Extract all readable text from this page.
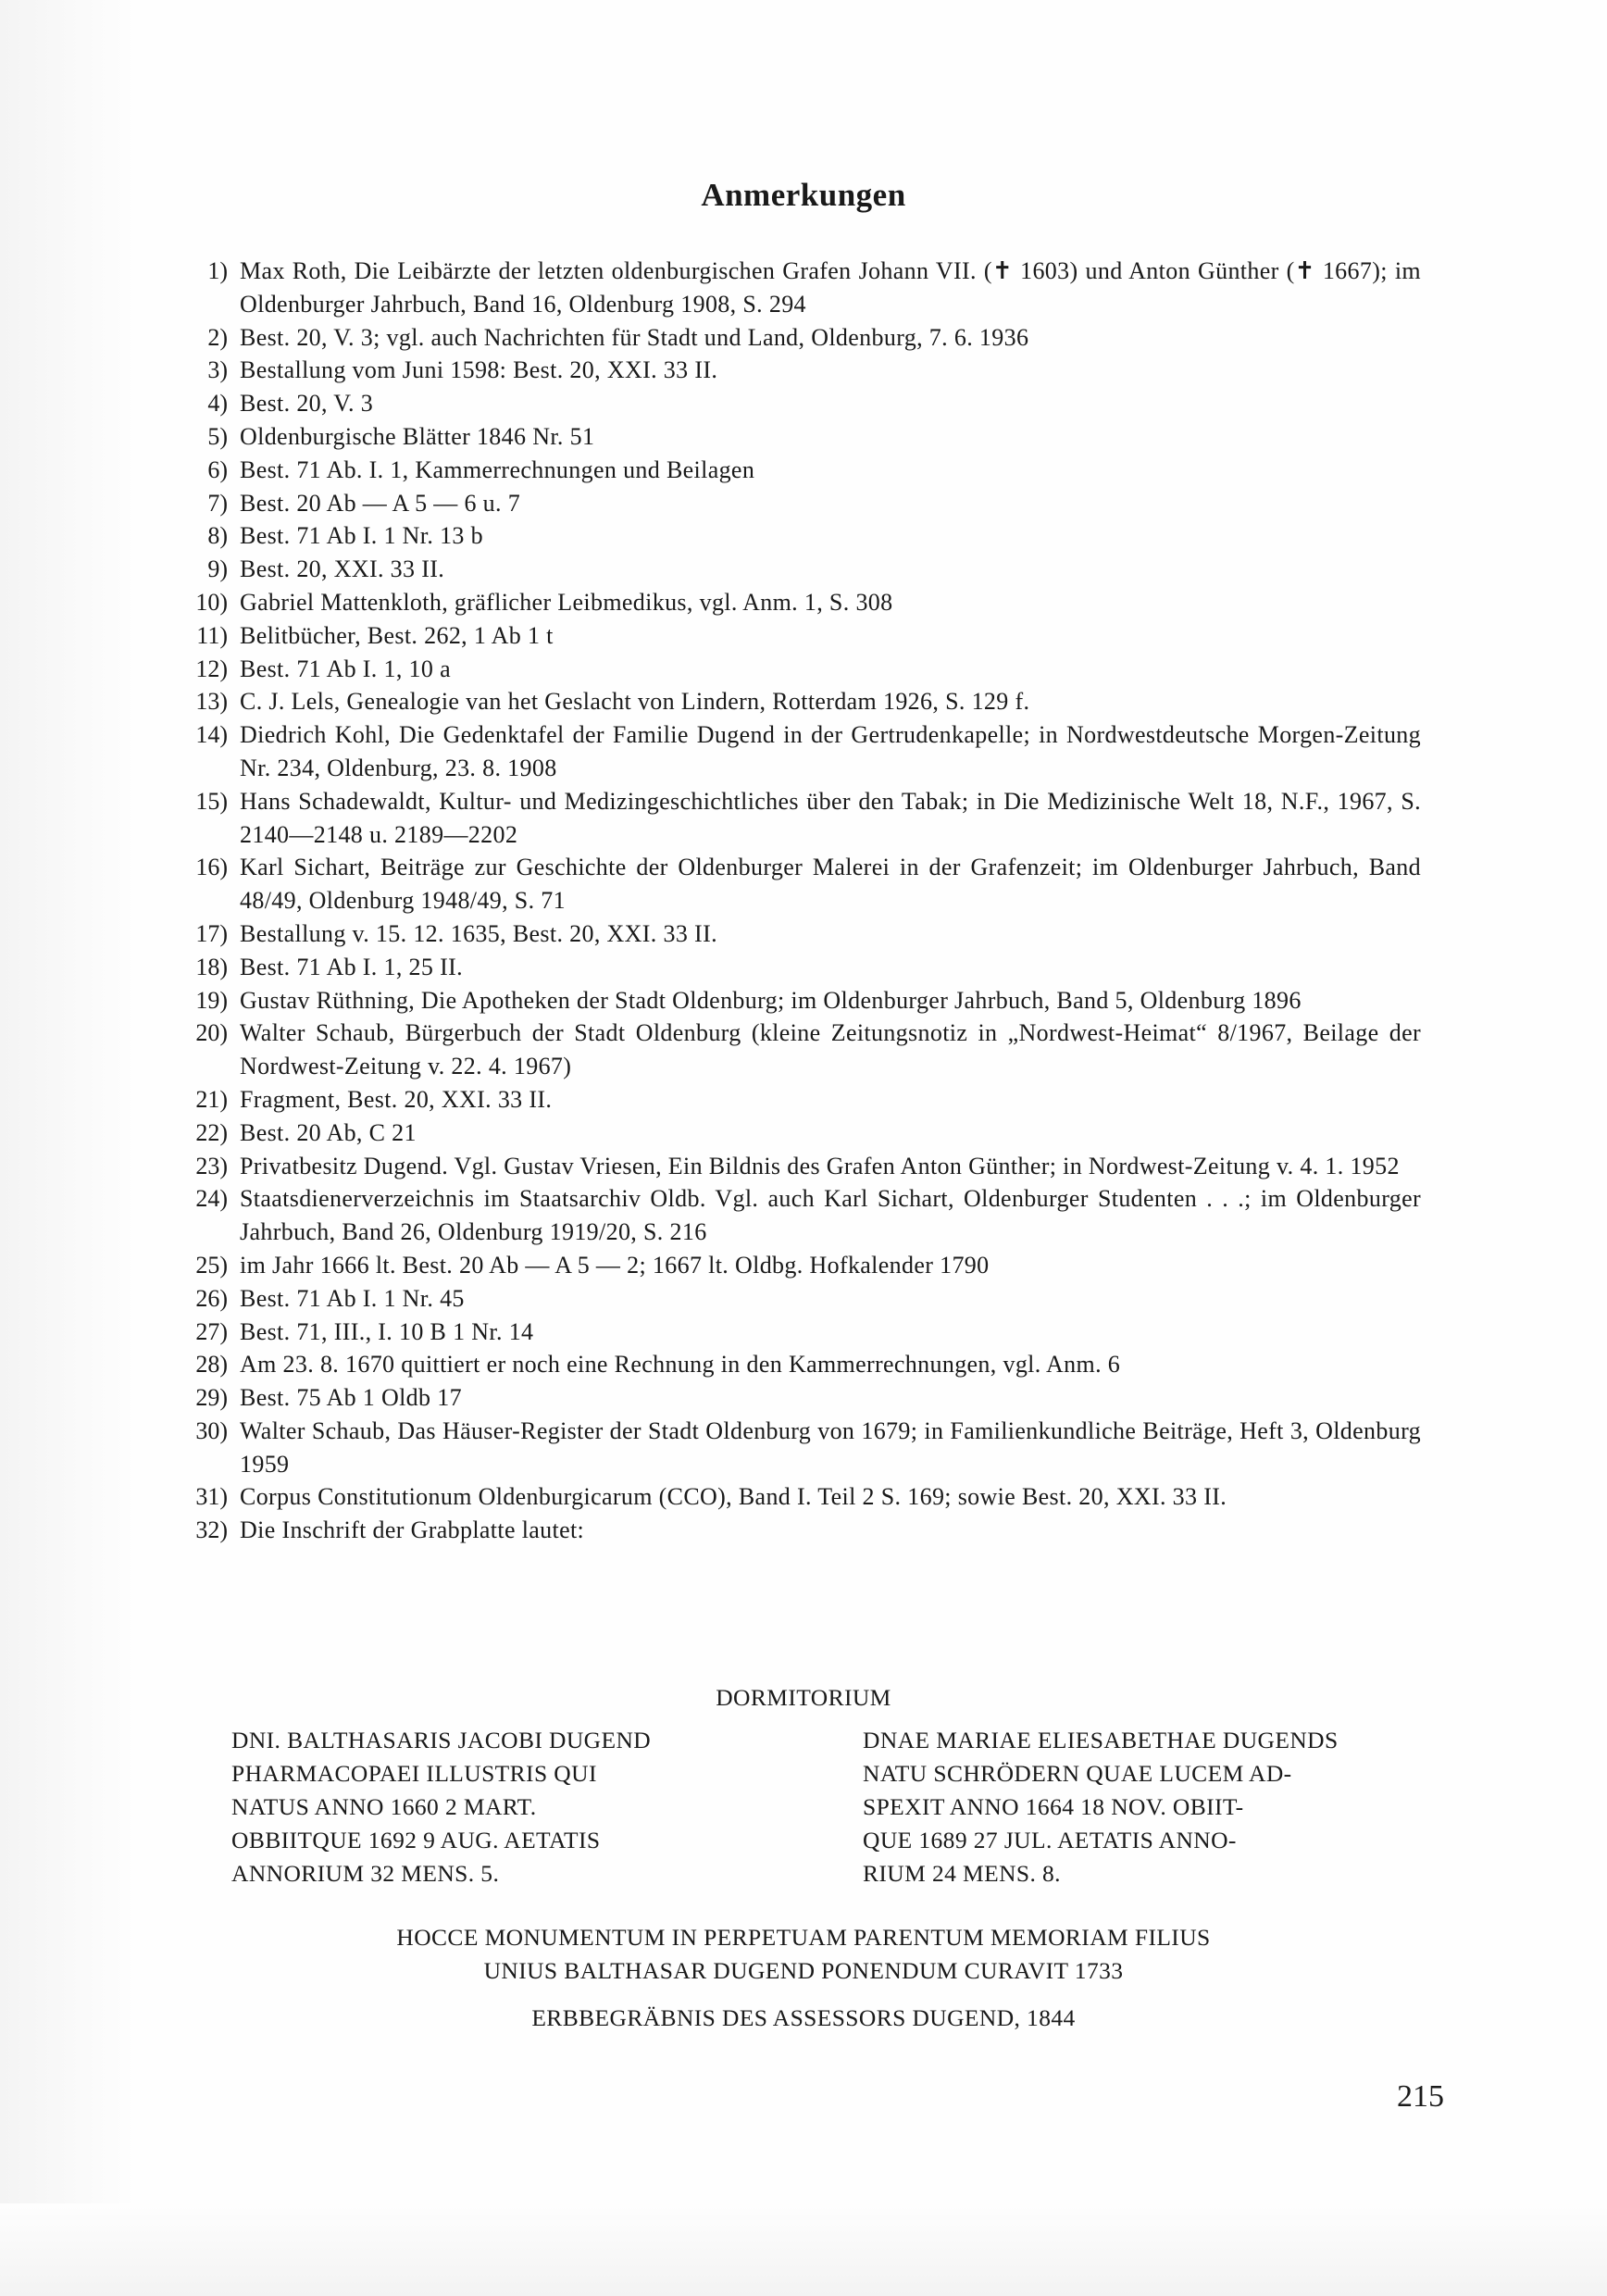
Anmerkungen
1) Max Roth, Die Leibärzte der letzten oldenburgischen Grafen Johann VII. (✝ 1603) und Anton Günther (✝ 1667); im Oldenburger Jahrbuch, Band 16, Oldenburg 1908, S. 294
2) Best. 20, V. 3; vgl. auch Nachrichten für Stadt und Land, Oldenburg, 7. 6. 1936
3) Bestallung vom Juni 1598: Best. 20, XXI. 33 II.
4) Best. 20, V. 3
5) Oldenburgische Blätter 1846 Nr. 51
6) Best. 71 Ab. I. 1, Kammerrechnungen und Beilagen
7) Best. 20 Ab — A 5 — 6 u. 7
8) Best. 71 Ab I. 1 Nr. 13 b
9) Best. 20, XXI. 33 II.
10) Gabriel Mattenkloth, gräflicher Leibmedikus, vgl. Anm. 1, S. 308
11) Belitbücher, Best. 262, 1 Ab 1 t
12) Best. 71 Ab I. 1, 10 a
13) C. J. Lels, Genealogie van het Geslacht von Lindern, Rotterdam 1926, S. 129 f.
14) Diedrich Kohl, Die Gedenktafel der Familie Dugend in der Gertrudenkapelle; in Nordwestdeutsche Morgen-Zeitung Nr. 234, Oldenburg, 23. 8. 1908
15) Hans Schadewaldt, Kultur- und Medizingeschichtliches über den Tabak; in Die Medizinische Welt 18, N.F., 1967, S. 2140—2148 u. 2189—2202
16) Karl Sichart, Beiträge zur Geschichte der Oldenburger Malerei in der Grafenzeit; im Oldenburger Jahrbuch, Band 48/49, Oldenburg 1948/49, S. 71
17) Bestallung v. 15. 12. 1635, Best. 20, XXI. 33 II.
18) Best. 71 Ab I. 1, 25 II.
19) Gustav Rüthning, Die Apotheken der Stadt Oldenburg; im Oldenburger Jahrbuch, Band 5, Oldenburg 1896
20) Walter Schaub, Bürgerbuch der Stadt Oldenburg (kleine Zeitungsnotiz in „Nordwest-Heimat“ 8/1967, Beilage der Nordwest-Zeitung v. 22. 4. 1967)
21) Fragment, Best. 20, XXI. 33 II.
22) Best. 20 Ab, C 21
23) Privatbesitz Dugend. Vgl. Gustav Vriesen, Ein Bildnis des Grafen Anton Günther; in Nordwest-Zeitung v. 4. 1. 1952
24) Staatsdienerverzeichnis im Staatsarchiv Oldb. Vgl. auch Karl Sichart, Oldenburger Studenten . . .; im Oldenburger Jahrbuch, Band 26, Oldenburg 1919/20, S. 216
25) im Jahr 1666 lt. Best. 20 Ab — A 5 — 2; 1667 lt. Oldbg. Hofkalender 1790
26) Best. 71 Ab I. 1 Nr. 45
27) Best. 71, III., I. 10 B 1 Nr. 14
28) Am 23. 8. 1670 quittiert er noch eine Rechnung in den Kammerrechnungen, vgl. Anm. 6
29) Best. 75 Ab 1 Oldb 17
30) Walter Schaub, Das Häuser-Register der Stadt Oldenburg von 1679; in Familienkundliche Beiträge, Heft 3, Oldenburg 1959
31) Corpus Constitutionum Oldenburgicarum (CCO), Band I. Teil 2 S. 169; sowie Best. 20, XXI. 33 II.
32) Die Inschrift der Grabplatte lautet:
DORMITORIUM
DNI. BALTHASARIS JACOBI DUGEND
PHARMACOPAEI ILLUSTRIS QUI
NATUS ANNO 1660 2 MART.
OBBIITQUE 1692 9 AUG. AETATIS
ANNORIUM 32 MENS. 5.
DNAE MARIAE ELIESABETHAE DUGENDS
NATU SCHRÖDERN QUAE LUCEM AD-
SPEXIT ANNO 1664 18 NOV. OBIIT-
QUE 1689 27 JUL. AETATIS ANNO-
RIUM 24 MENS. 8.
HOCCE MONUMENTUM IN PERPETUAM PARENTUM MEMORIAM FILIUS
UNIUS BALTHASAR DUGEND PONENDUM CURAVIT 1733
ERBBEGRÄBNIS DES ASSESSORS DUGEND, 1844
215
